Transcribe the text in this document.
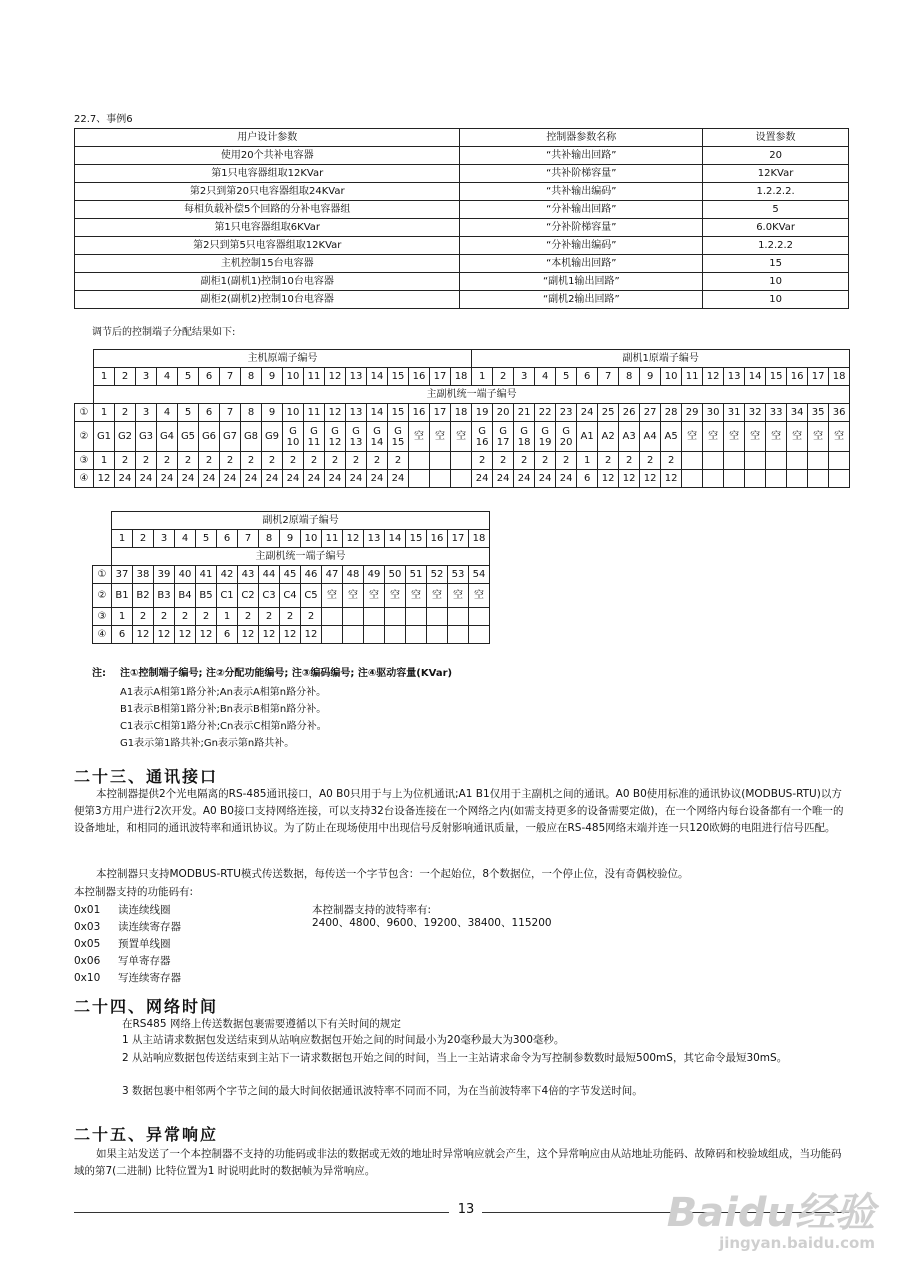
22.7、事例6
用户设计参数	控制器参数名称	设置参数
使用20个共补电容器	“共补输出回路”	20
第1只电容器组取12KVar	“共补阶梯容量”	12KVar
第2只到第20只电容器组取24KVar	“共补输出编码”	1.2.2.2.
每相负载补偿5个回路的分补电容器组	“分补输出回路”	5
第1只电容器组取6KVar	“分补阶梯容量”	6.0KVar
第2只到第5只电容器组取12KVar	“分补输出编码”	1.2.2.2
主机控制15台电容器	“本机输出回路”	15
副柜1(副机1)控制10台电容器	“副机1输出回路”	10
副柜2(副机2)控制10台电容器	“副机2输出回路”	10
调节后的控制端子分配结果如下:
	主机原端子编号																		副机1原端子编号																	
	1	2	3	4	5	6	7	8	9	10	11	12	13	14	15	16	17	18	1	2	3	4	5	6	7	8	9	10	11	12	13	14	15	16	17	18
	主副机统一端子编号																																			
①	1	2	3	4	5	6	7	8	9	10	11	12	13	14	15	16	17	18	19	20	21	22	23	24	25	26	27	28	29	30	31	32	33	34	35	36
②	G1	G2	G3	G4	G5	G6	G7	G8	G9	G 10	G 11	G 12	G 13	G 14	G 15	空	空	空	G 16	G 17	G 18	G 19	G 20	A1	A2	A3	A4	A5	空	空	空	空	空	空	空	空
③	1	2	2	2	2	2	2	2	2	2	2	2	2	2	2				2	2	2	2	2	1	2	2	2	2								
④	12	24	24	24	24	24	24	24	24	24	24	24	24	24	24				24	24	24	24	24	6	12	12	12	12								
	副机2原端子编号																	
	1	2	3	4	5	6	7	8	9	10	11	12	13	14	15	16	17	18
	主副机统一端子编号																	
①	37	38	39	40	41	42	43	44	45	46	47	48	49	50	51	52	53	54
②	B1	B2	B3	B4	B5	C1	C2	C3	C4	C5	空	空	空	空	空	空	空	空
③	1	2	2	2	2	1	2	2	2	2								
④	6	12	12	12	12	6	12	12	12	12								
注: 注①控制端子编号; 注②分配功能编号; 注③编码编号; 注④驱动容量(KVar)
A1表示A相第1路分补;An表示A相第n路分补。
B1表示B相第1路分补;Bn表示B相第n路分补。
C1表示C相第1路分补;Cn表示C相第n路分补。
G1表示第1路共补;Gn表示第n路共补。
二十三、通讯接口
本控制器提供2个光电隔离的RS-485通讯接口，A0 B0只用于与上为位机通讯;A1 B1仅用于主副机之间的通讯。A0 B0使用标准的通讯协议(MODBUS-RTU)以方便第3方用户进行2次开发。A0 B0接口支持网络连接，可以支持32台设备连接在一个网络之内(如需支持更多的设备需要定做)，在一个网络内每台设备都有一个唯一的设备地址，和相同的通讯波特率和通讯协议。为了防止在现场使用中出现信号反射影响通讯质量，一般应在RS-485网络末端并连一只120欧姆的电阻进行信号匹配。
本控制器只支持MODBUS-RTU模式传送数据，每传送一个字节包含：一个起始位，8个数据位，一个停止位，没有奇偶校验位。
本控制器支持的功能码有:
0x01 读连续线圈
0x03 读连续寄存器
0x05 预置单线圈
0x06 写单寄存器
0x10 写连续寄存器
本控制器支持的波特率有:
2400、4800、9600、19200、38400、115200
二十四、网络时间
在RS485 网络上传送数据包裹需要遵循以下有关时间的规定
1 从主站请求数据包发送结束到从站响应数据包开始之间的时间最小为20毫秒最大为300毫秒。
2 从站响应数据包传送结束到主站下一请求数据包开始之间的时间，当上一主站请求命令为写控制参数数时最短500mS，其它命令最短30mS。
3 数据包裹中相邻两个字节之间的最大时间依据通讯波特率不同而不同，为在当前波特率下4倍的字节发送时间。
二十五、异常响应
如果主站发送了一个本控制器不支持的功能码或非法的数据或无效的地址时异常响应就会产生，这个异常响应由从站地址功能码、故障码和校验域组成，当功能码域的第7(二进制) 比特位置为1 时说明此时的数据帧为异常响应。
13	Baidu经验
jingyan.baidu.com
